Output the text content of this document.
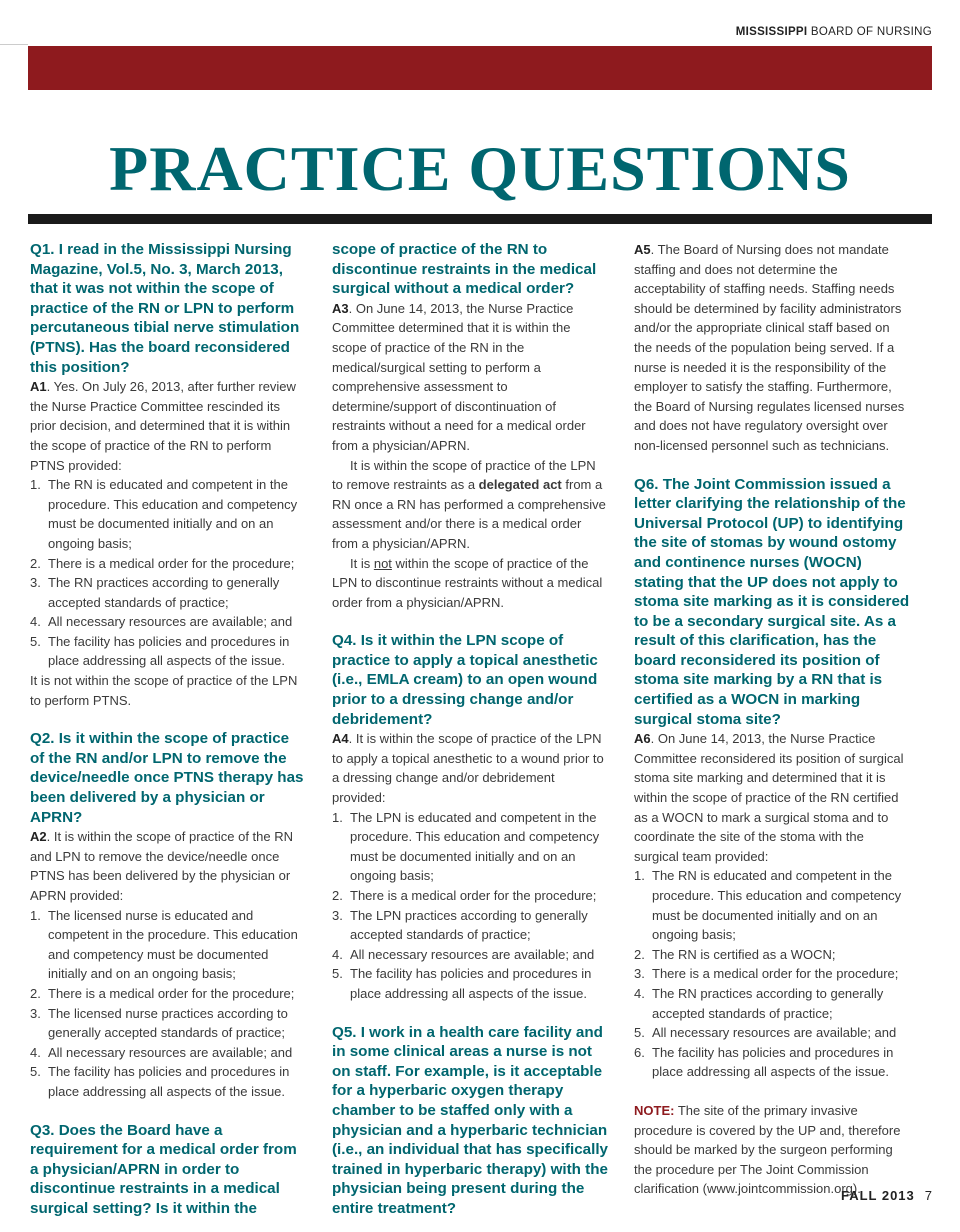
MISSISSIPPI BOARD OF NURSING
PRACTICE QUESTIONS

Q1. I read in the Mississippi Nursing Magazine, Vol.5, No. 3, March 2013, that it was not within the scope of practice of the RN or LPN to perform percutaneous tibial nerve stimulation (PTNS). Has the board reconsidered this position?

A1. Yes. On July 26, 2013, after further review the Nurse Practice Committee rescinded its prior decision, and determined that it is within the scope of practice of the RN to perform PTNS provided:

1. The RN is educated and competent in the procedure. This education and competency must be documented initially and on an ongoing basis;
2. There is a medical order for the procedure;
3. The RN practices according to generally accepted standards of practice;
4. All necessary resources are available; and
5. The facility has policies and procedures in place addressing all aspects of the issue.

It is not within the scope of practice of the LPN to perform PTNS.

Q2. Is it within the scope of practice of the RN and/or LPN to remove the device/needle once PTNS therapy has been delivered by a physician or APRN?

A2. It is within the scope of practice of the RN and LPN to remove the device/needle once PTNS has been delivered by the physician or APRN provided:

1. The licensed nurse is educated and competent in the procedure. This education and competency must be documented initially and on an ongoing basis;
2. There is a medical order for the procedure;
3. The licensed nurse practices according to generally accepted standards of practice;
4. All necessary resources are available; and
5. The facility has policies and procedures in place addressing all aspects of the issue.

Q3. Does the Board have a requirement for a medical order from a physician/APRN in order to discontinue restraints in a medical surgical setting? Is it within the

scope of practice of the RN to discontinue restraints in the medical surgical without a medical order?

A3. On June 14, 2013, the Nurse Practice Committee determined that it is within the scope of practice of the RN in the medical/surgical setting to perform a comprehensive assessment to determine/support of discontinuation of restraints without a need for a medical order from a physician/APRN.

It is within the scope of practice of the LPN to remove restraints as a delegated act from a RN once a RN has performed a comprehensive assessment and/or there is a medical order from a physician/APRN.

It is not within the scope of practice of the LPN to discontinue restraints without a medical order from a physician/APRN.

Q4. Is it within the LPN scope of practice to apply a topical anesthetic (i.e., EMLA cream) to an open wound prior to a dressing change and/or debridement?

A4. It is within the scope of practice of the LPN to apply a topical anesthetic to a wound prior to a dressing change and/or debridement provided:

1. The LPN is educated and competent in the procedure. This education and competency must be documented initially and on an ongoing basis;
2. There is a medical order for the procedure;
3. The LPN practices according to generally accepted standards of practice;
4. All necessary resources are available; and
5. The facility has policies and procedures in place addressing all aspects of the issue.

Q5. I work in a health care facility and in some clinical areas a nurse is not on staff. For example, is it acceptable for a hyperbaric oxygen therapy chamber to be staffed only with a physician and a hyperbaric technician (i.e., an individual that has specifically trained in hyperbaric therapy) with the physician being present during the entire treatment?

A5. The Board of Nursing does not mandate staffing and does not determine the acceptability of staffing needs. Staffing needs should be determined by facility administrators and/or the appropriate clinical staff based on the needs of the population being served. If a nurse is needed it is the responsibility of the employer to satisfy the staffing. Furthermore, the Board of Nursing regulates licensed nurses and does not have regulatory oversight over non-licensed personnel such as technicians.

Q6. The Joint Commission issued a letter clarifying the relationship of the Universal Protocol (UP) to identifying the site of stomas by wound ostomy and continence nurses (WOCN) stating that the UP does not apply to stoma site marking as it is considered to be a secondary surgical site. As a result of this clarification, has the board reconsidered its position of stoma site marking by a RN that is certified as a WOCN in marking surgical stoma site?

A6. On June 14, 2013, the Nurse Practice Committee reconsidered its position of surgical stoma site marking and determined that it is within the scope of practice of the RN certified as a WOCN to mark a surgical stoma and to coordinate the site of the stoma with the surgical team provided:

1. The RN is educated and competent in the procedure. This education and competency must be documented initially and on an ongoing basis;
2. The RN is certified as a WOCN;
3. There is a medical order for the procedure;
4. The RN practices according to generally accepted standards of practice;
5. All necessary resources are available; and
6. The facility has policies and procedures in place addressing all aspects of the issue.

NOTE: The site of the primary invasive procedure is covered by the UP and, therefore should be marked by the surgeon performing the procedure per The Joint Commission clarification (www.jointcommission.org).

FALL 2013 7
